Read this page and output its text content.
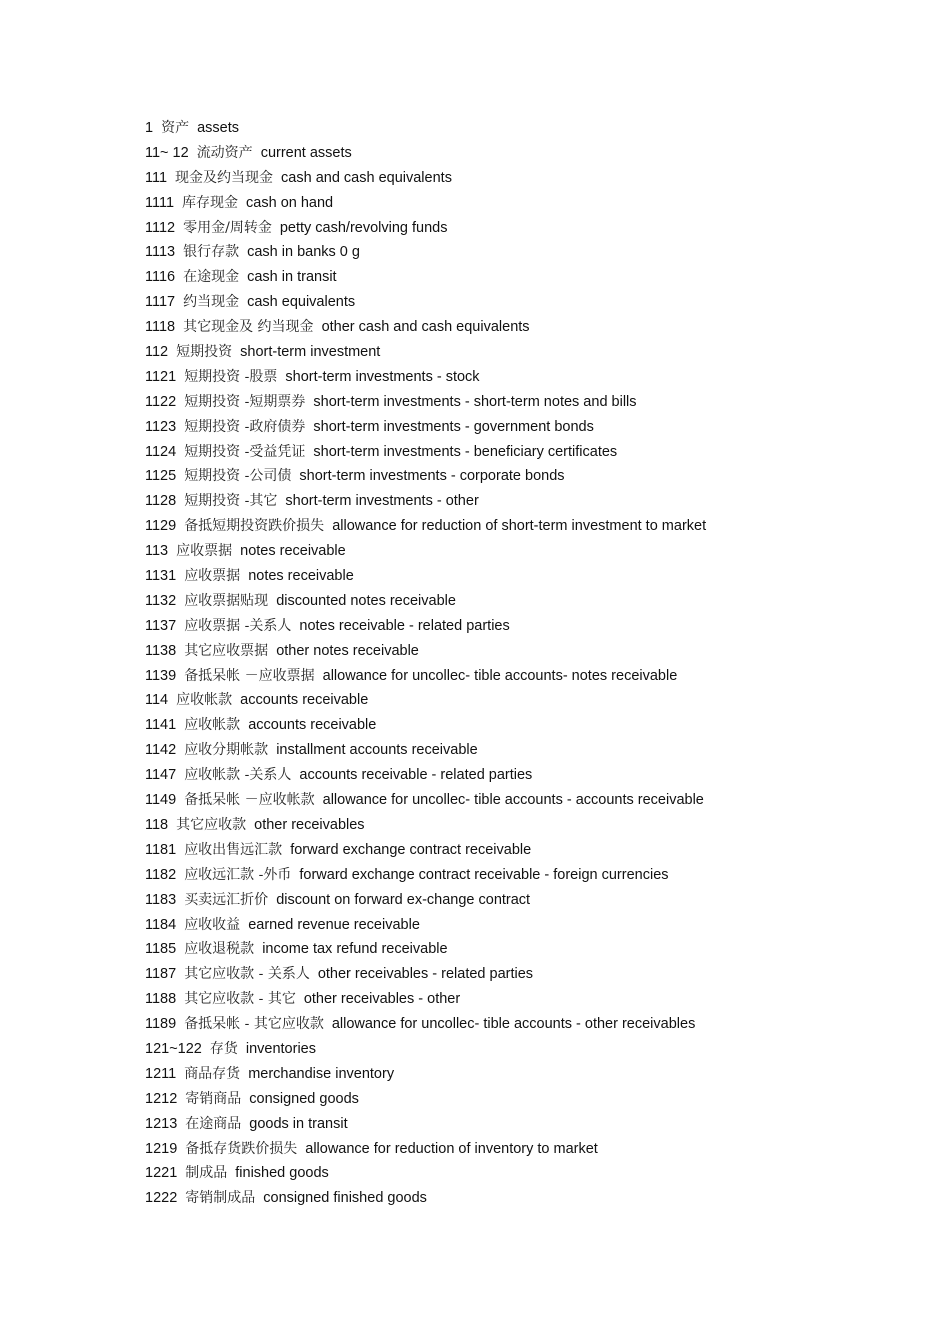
1 资产 assets
11~ 12 流动资产 current assets
111 现金及约当现金 cash and cash equivalents
1111 库存现金 cash on hand
1112 零用金/周转金 petty cash/revolving funds
1113 银行存款 cash in banks 0 g
1116 在途现金 cash in transit
1117 约当现金 cash equivalents
1118 其它现金及 约当现金 other cash and cash equivalents
112 短期投资 short-term investment
1121 短期投资 -股票 short-term investments - stock
1122 短期投资 -短期票券 short-term investments - short-term notes and bills
1123 短期投资 -政府债券 short-term investments - government bonds
1124 短期投资 -受益凭证 short-term investments - beneficiary certificates
1125 短期投资 -公司债 short-term investments - corporate bonds
1128 短期投资 -其它 short-term investments - other
1129 备抵短期投资跌价损失 allowance for reduction of short-term investment to market
113 应收票据 notes receivable
1131 应收票据 notes receivable
1132 应收票据贴现 discounted notes receivable
1137 应收票据 -关系人 notes receivable - related parties
1138 其它应收票据 other notes receivable
1139 备抵呆帐 －应收票据 allowance for uncollec- tible accounts- notes receivable
114 应收帐款 accounts receivable
1141 应收帐款 accounts receivable
1142 应收分期帐款 installment accounts receivable
1147 应收帐款 -关系人 accounts receivable - related parties
1149 备抵呆帐 －应收帐款 allowance for uncollec- tible accounts - accounts receivable
118 其它应收款 other receivables
1181 应收出售远汇款 forward exchange contract receivable
1182 应收远汇款 -外币 forward exchange contract receivable - foreign currencies
1183 买卖远汇折价 discount on forward ex-change contract
1184 应收收益 earned revenue receivable
1185 应收退税款 income tax refund receivable
1187 其它应收款 - 关系人 other receivables - related parties
1188 其它应收款 - 其它 other receivables - other
1189 备抵呆帐 - 其它应收款 allowance for uncollec- tible accounts - other receivables
121~122 存货 inventories
1211 商品存货 merchandise inventory
1212 寄销商品 consigned goods
1213 在途商品 goods in transit
1219 备抵存货跌价损失 allowance for reduction of inventory to market
1221 制成品 finished goods
1222 寄销制成品 consigned finished goods
